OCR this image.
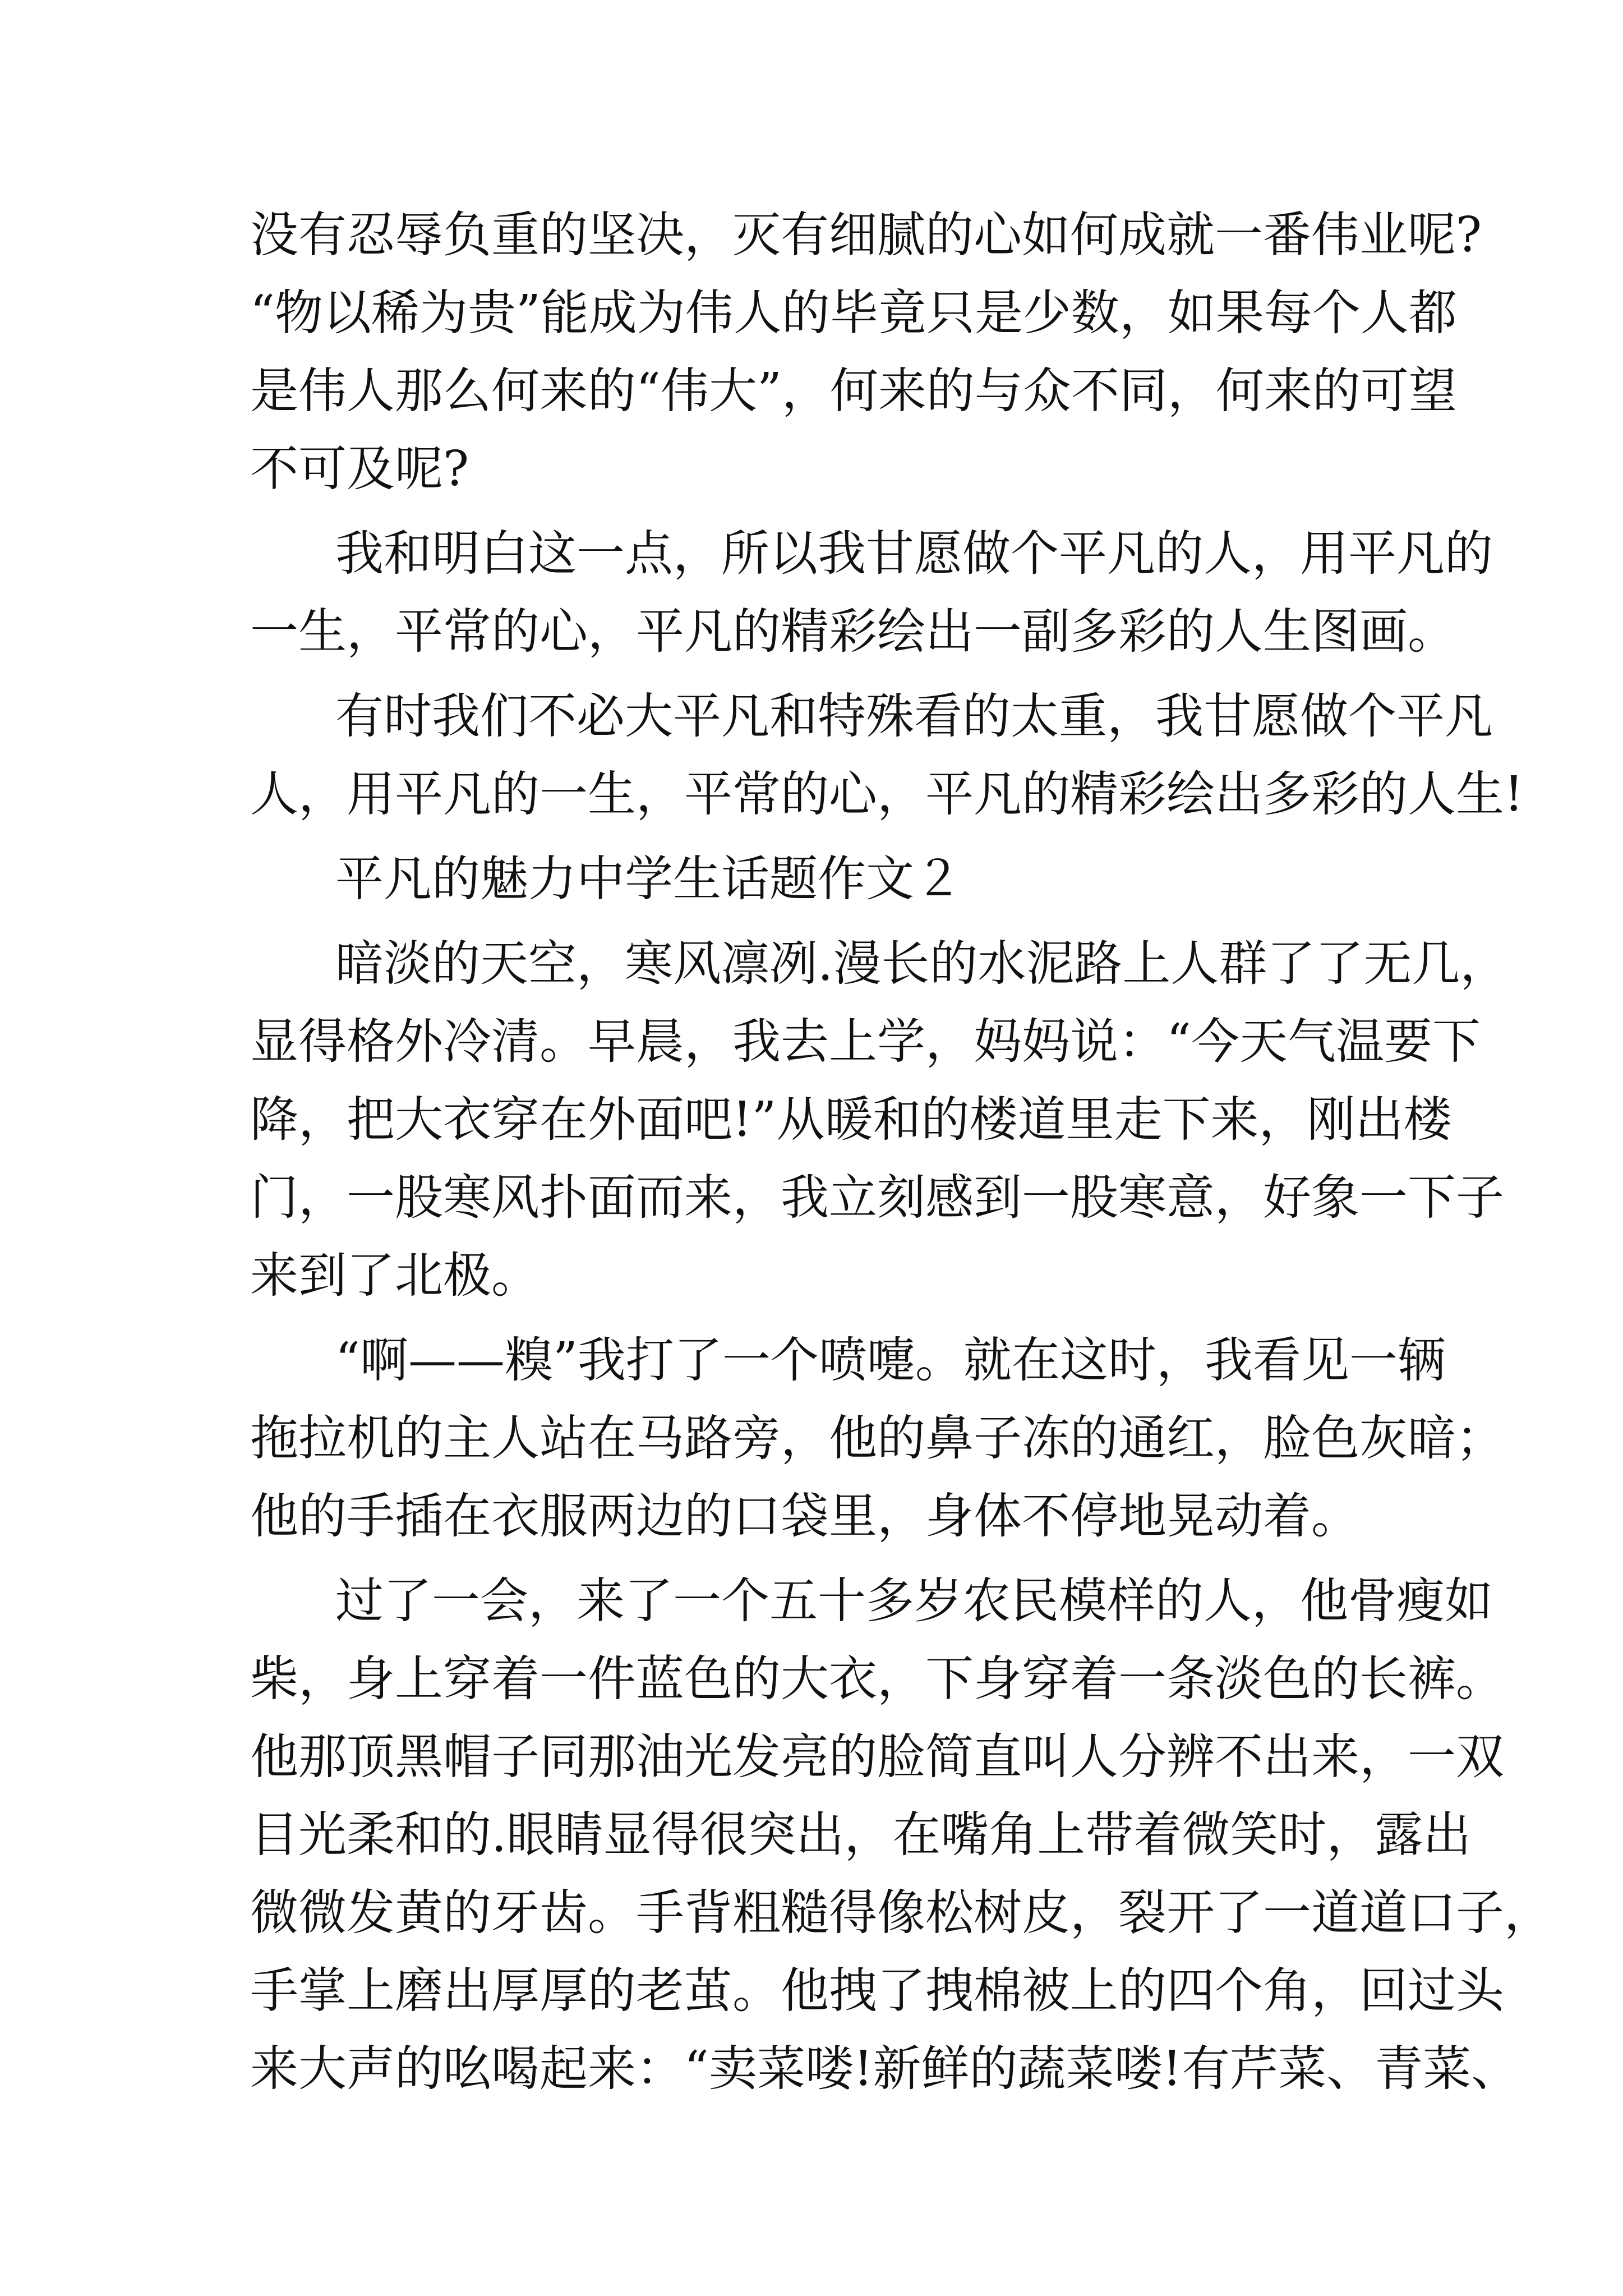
没有忍辱负重的坚决，灭有细腻的心如何成就一番伟业呢?
“物以稀为贵”能成为伟人的毕竟只是少数，如果每个人都
是伟人那么何来的“伟大”，何来的与众不同，何来的可望
不可及呢?
我和明白这一点，所以我甘愿做个平凡的人，用平凡的
一生，平常的心，平凡的精彩绘出一副多彩的人生图画。
有时我们不必大平凡和特殊看的太重，我甘愿做个平凡
人，用平凡的一生，平常的心，平凡的精彩绘出多彩的人生!
平凡的魅力中学生话题作文２
暗淡的天空，寒风凛冽.漫长的水泥路上人群了了无几，
显得格外冷清。早晨，我去上学，妈妈说：“今天气温要下
降，把大衣穿在外面吧!”从暖和的楼道里走下来，刚出楼
门，一股寒风扑面而来，我立刻感到一股寒意，好象一下子
来到了北极。
“啊——糗”我打了一个喷嚏。就在这时，我看见一辆
拖拉机的主人站在马路旁，他的鼻子冻的通红，脸色灰暗；
他的手插在衣服两边的口袋里，身体不停地晃动着。
过了一会，来了一个五十多岁农民模样的人，他骨瘦如
柴，身上穿着一件蓝色的大衣，下身穿着一条淡色的长裤。
他那顶黑帽子同那油光发亮的脸简直叫人分辨不出来，一双
目光柔和的.眼睛显得很突出，在嘴角上带着微笑时，露出
微微发黄的牙齿。手背粗糙得像松树皮，裂开了一道道口子，
手掌上磨出厚厚的老茧。他拽了拽棉被上的四个角，回过头
来大声的吆喝起来：“卖菜喽!新鲜的蔬菜喽!有芹菜、青菜、
